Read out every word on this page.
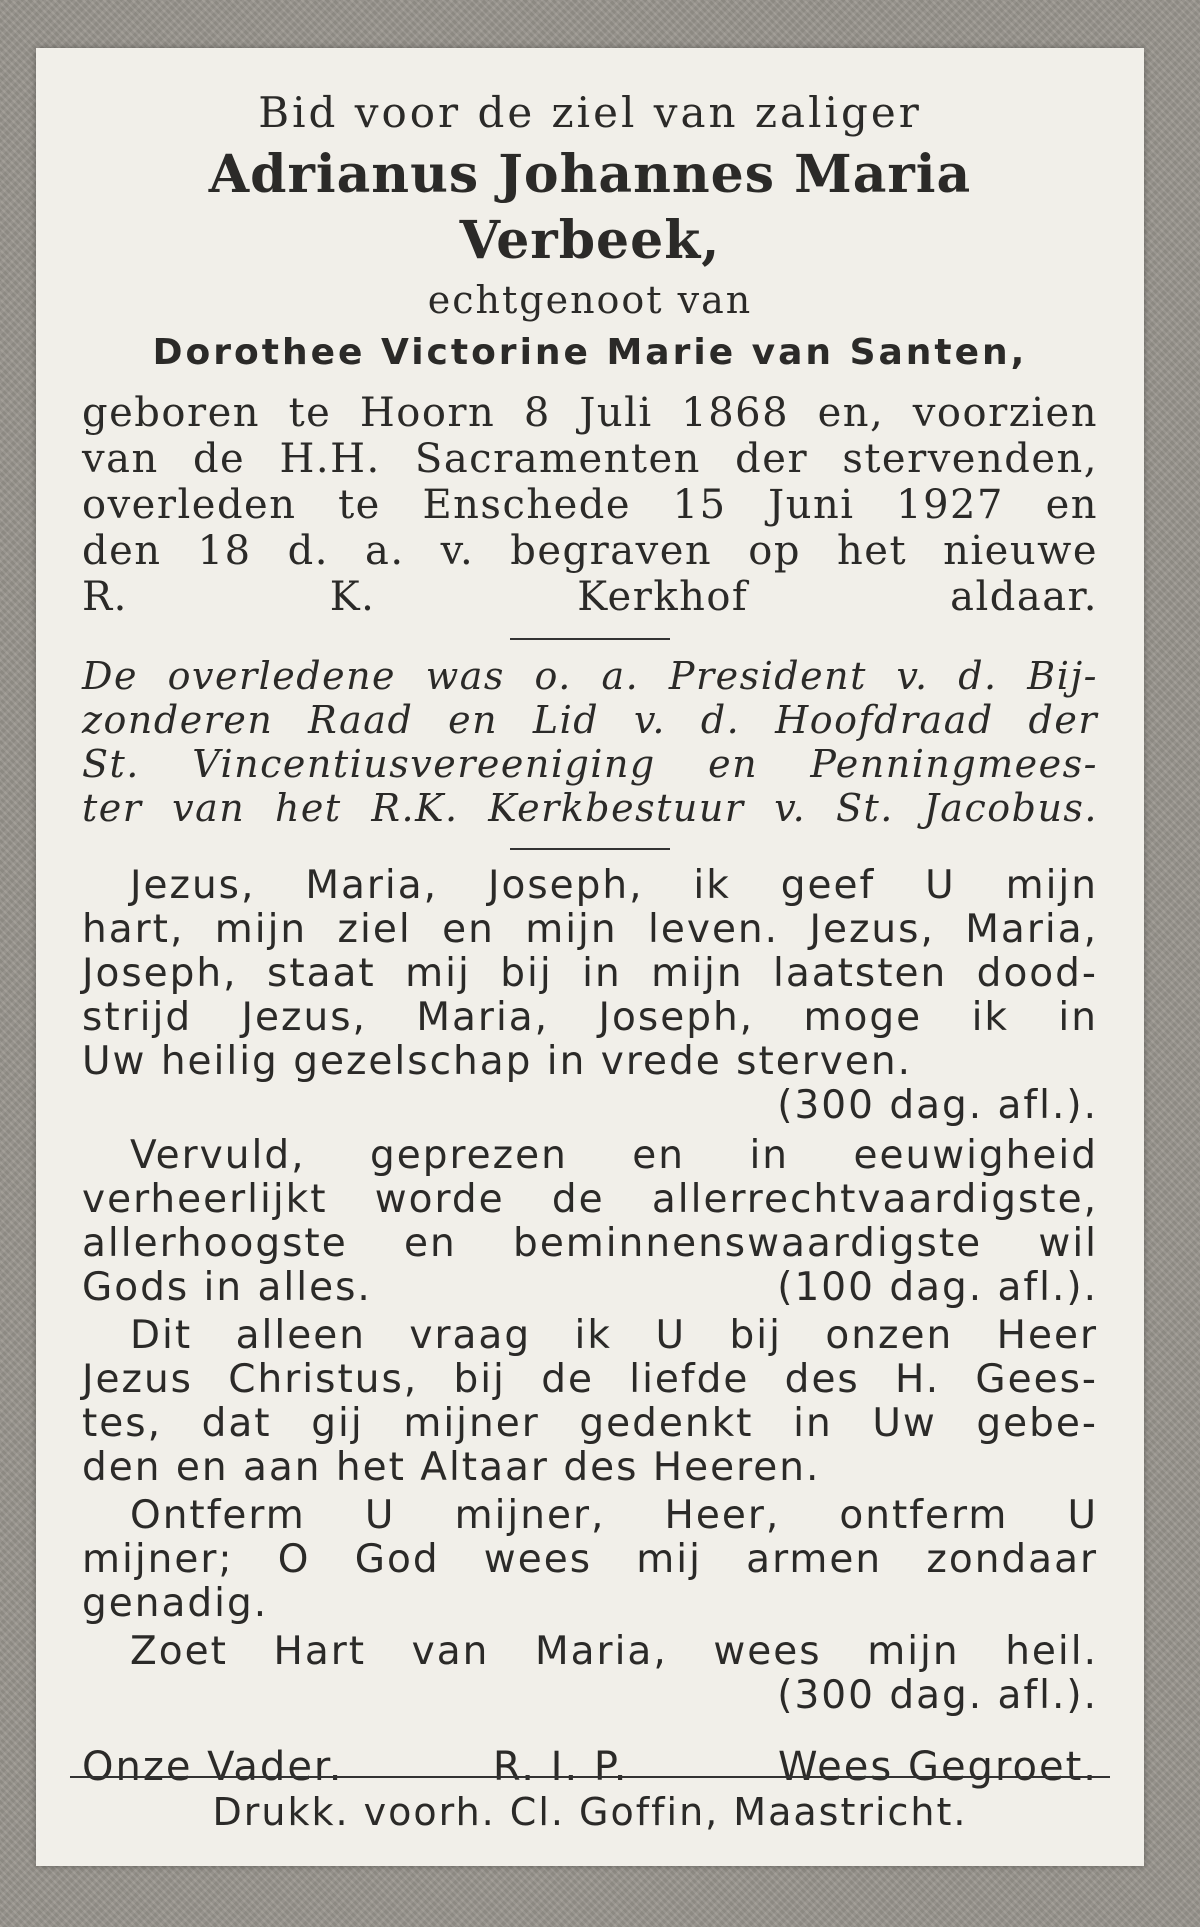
Bid voor de ziel van zaliger
Adrianus Johannes Maria Verbeek,
echtgenoot van
Dorothee Victorine Marie van Santen,
geboren te Hoorn 8 Juli 1868 en, voorzien
van de H.H. Sacramenten der stervenden,
overleden te Enschede 15 Juni 1927 en
den 18 d. a. v. begraven op het nieuwe
R. K. Kerkhof aldaar.
De overledene was o. a. President v. d. Bij-
zonderen Raad en Lid v. d. Hoofdraad der
St. Vincentiusvereeniging en Penningmees-
ter van het R.K. Kerkbestuur v. St. Jacobus.
Jezus, Maria, Joseph, ik geef U mijn
hart, mijn ziel en mijn leven. Jezus, Maria,
Joseph, staat mij bij in mijn laatsten dood-
strijd Jezus, Maria, Joseph, moge ik in
Uw heilig gezelschap in vrede sterven.
(300 dag. afl.).
Vervuld, geprezen en in eeuwigheid
verheerlijkt worde de allerrechtvaardigste,
allerhoogste en beminnenswaardigste wil
Gods in alles.	(100 dag. afl.).
Dit alleen vraag ik U bij onzen Heer
Jezus Christus, bij de liefde des H. Gees-
tes, dat gij mijner gedenkt in Uw gebe-
den en aan het Altaar des Heeren.
Ontferm U mijner, Heer, ontferm U
mijner; O God wees mij armen zondaar
genadig.
Zoet Hart van Maria, wees mijn heil.
(300 dag. afl.).
Onze Vader.	R. I. P.	Wees Gegroet.
Drukk. voorh. Cl. Goffin, Maastricht.
